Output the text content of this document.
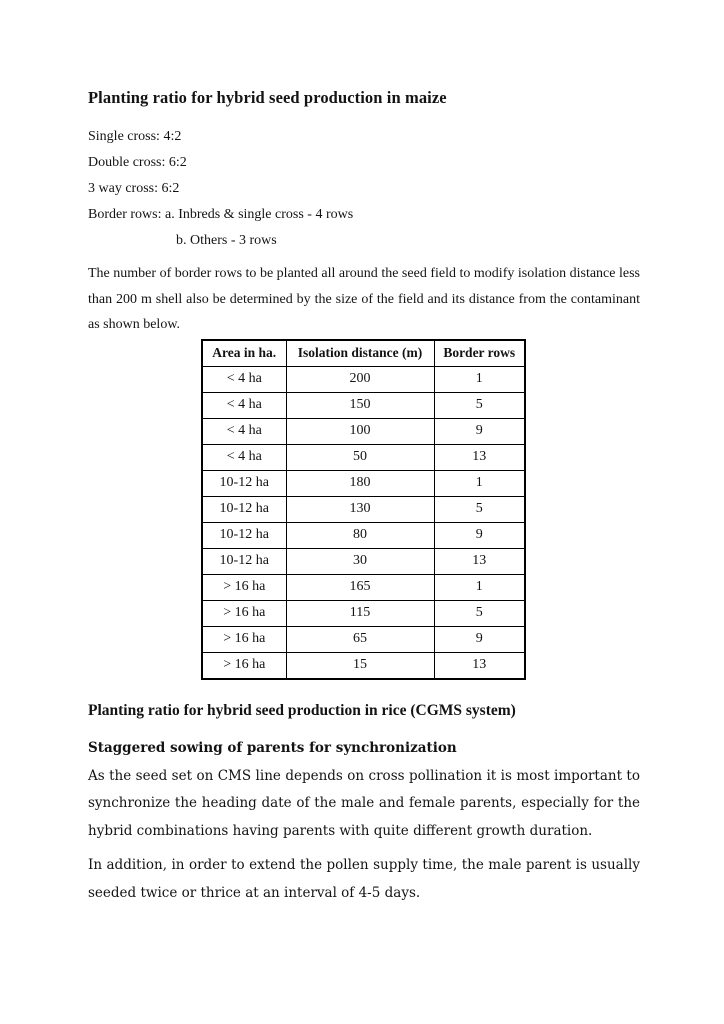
Planting ratio for hybrid seed production in maize
Single cross: 4:2
Double cross: 6:2
3 way cross: 6:2
Border rows: a. Inbreds & single cross - 4 rows
b. Others - 3 rows

The number of border rows to be planted all around the seed field to modify isolation distance less than 200 m shell also be determined by the size of the field and its distance from the contaminant as shown below.

Area in ha.	Isolation distance (m)	Border rows
< 4 ha	200	1
< 4 ha	150	5
< 4 ha	100	9
< 4 ha	50	13
10-12 ha	180	1
10-12 ha	130	5
10-12 ha	80	9
10-12 ha	30	13
> 16 ha	165	1
> 16 ha	115	5
> 16 ha	65	9
> 16 ha	15	13
Planting ratio for hybrid seed production in rice (CGMS system)
Staggered sowing of parents for synchronization

As the seed set on CMS line depends on cross pollination it is most important to synchronize the heading date of the male and female parents, especially for the hybrid combinations having parents with quite different growth duration.

In addition, in order to extend the pollen supply time, the male parent is usually seeded twice or thrice at an interval of 4-5 days.
